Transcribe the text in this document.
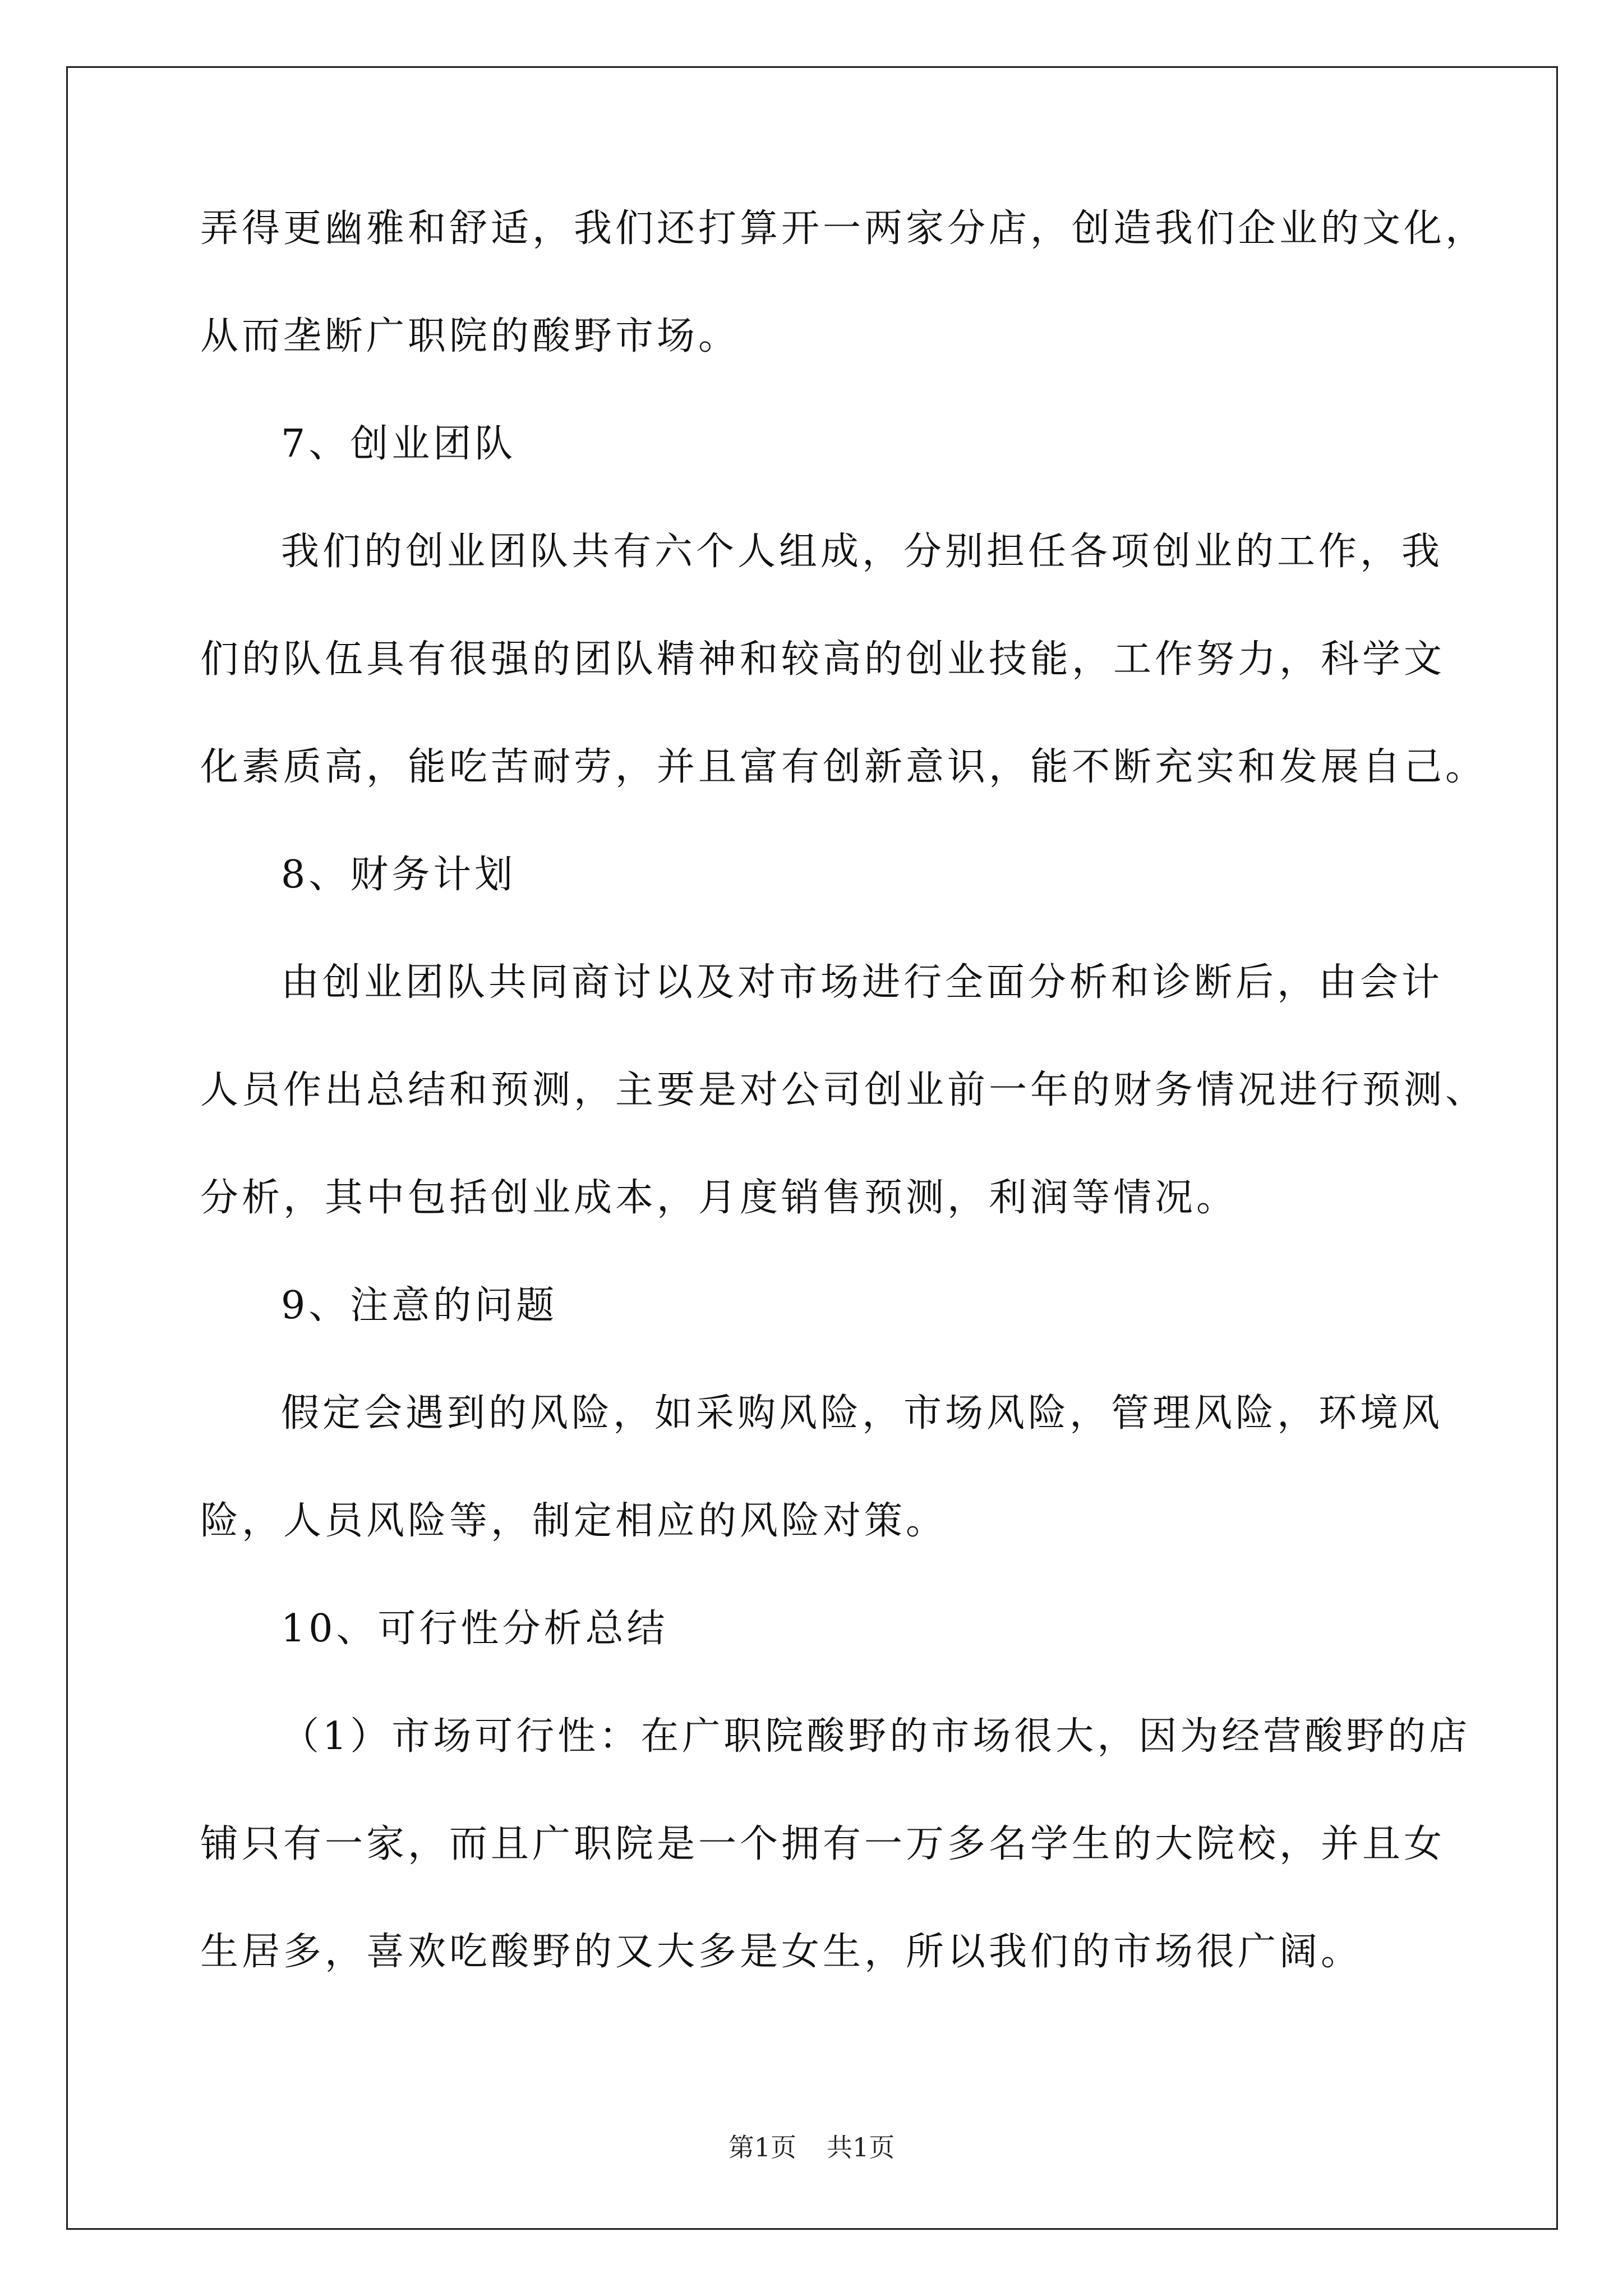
弄得更幽雅和舒适，我们还打算开一两家分店，创造我们企业的文化，
从而垄断广职院的酸野市场。
7、创业团队
我们的创业团队共有六个人组成，分别担任各项创业的工作，我
们的队伍具有很强的团队精神和较高的创业技能，工作努力，科学文
化素质高，能吃苦耐劳，并且富有创新意识，能不断充实和发展自己。
8、财务计划
由创业团队共同商讨以及对市场进行全面分析和诊断后，由会计
人员作出总结和预测，主要是对公司创业前一年的财务情况进行预测、
分析，其中包括创业成本，月度销售预测，利润等情况。
9、注意的问题
假定会遇到的风险，如采购风险，市场风险，管理风险，环境风
险，人员风险等，制定相应的风险对策。
10、可行性分析总结
（1）市场可行性：在广职院酸野的市场很大，因为经营酸野的店
铺只有一家，而且广职院是一个拥有一万多名学生的大院校，并且女
生居多，喜欢吃酸野的又大多是女生，所以我们的市场很广阔。
第1页 共1页
